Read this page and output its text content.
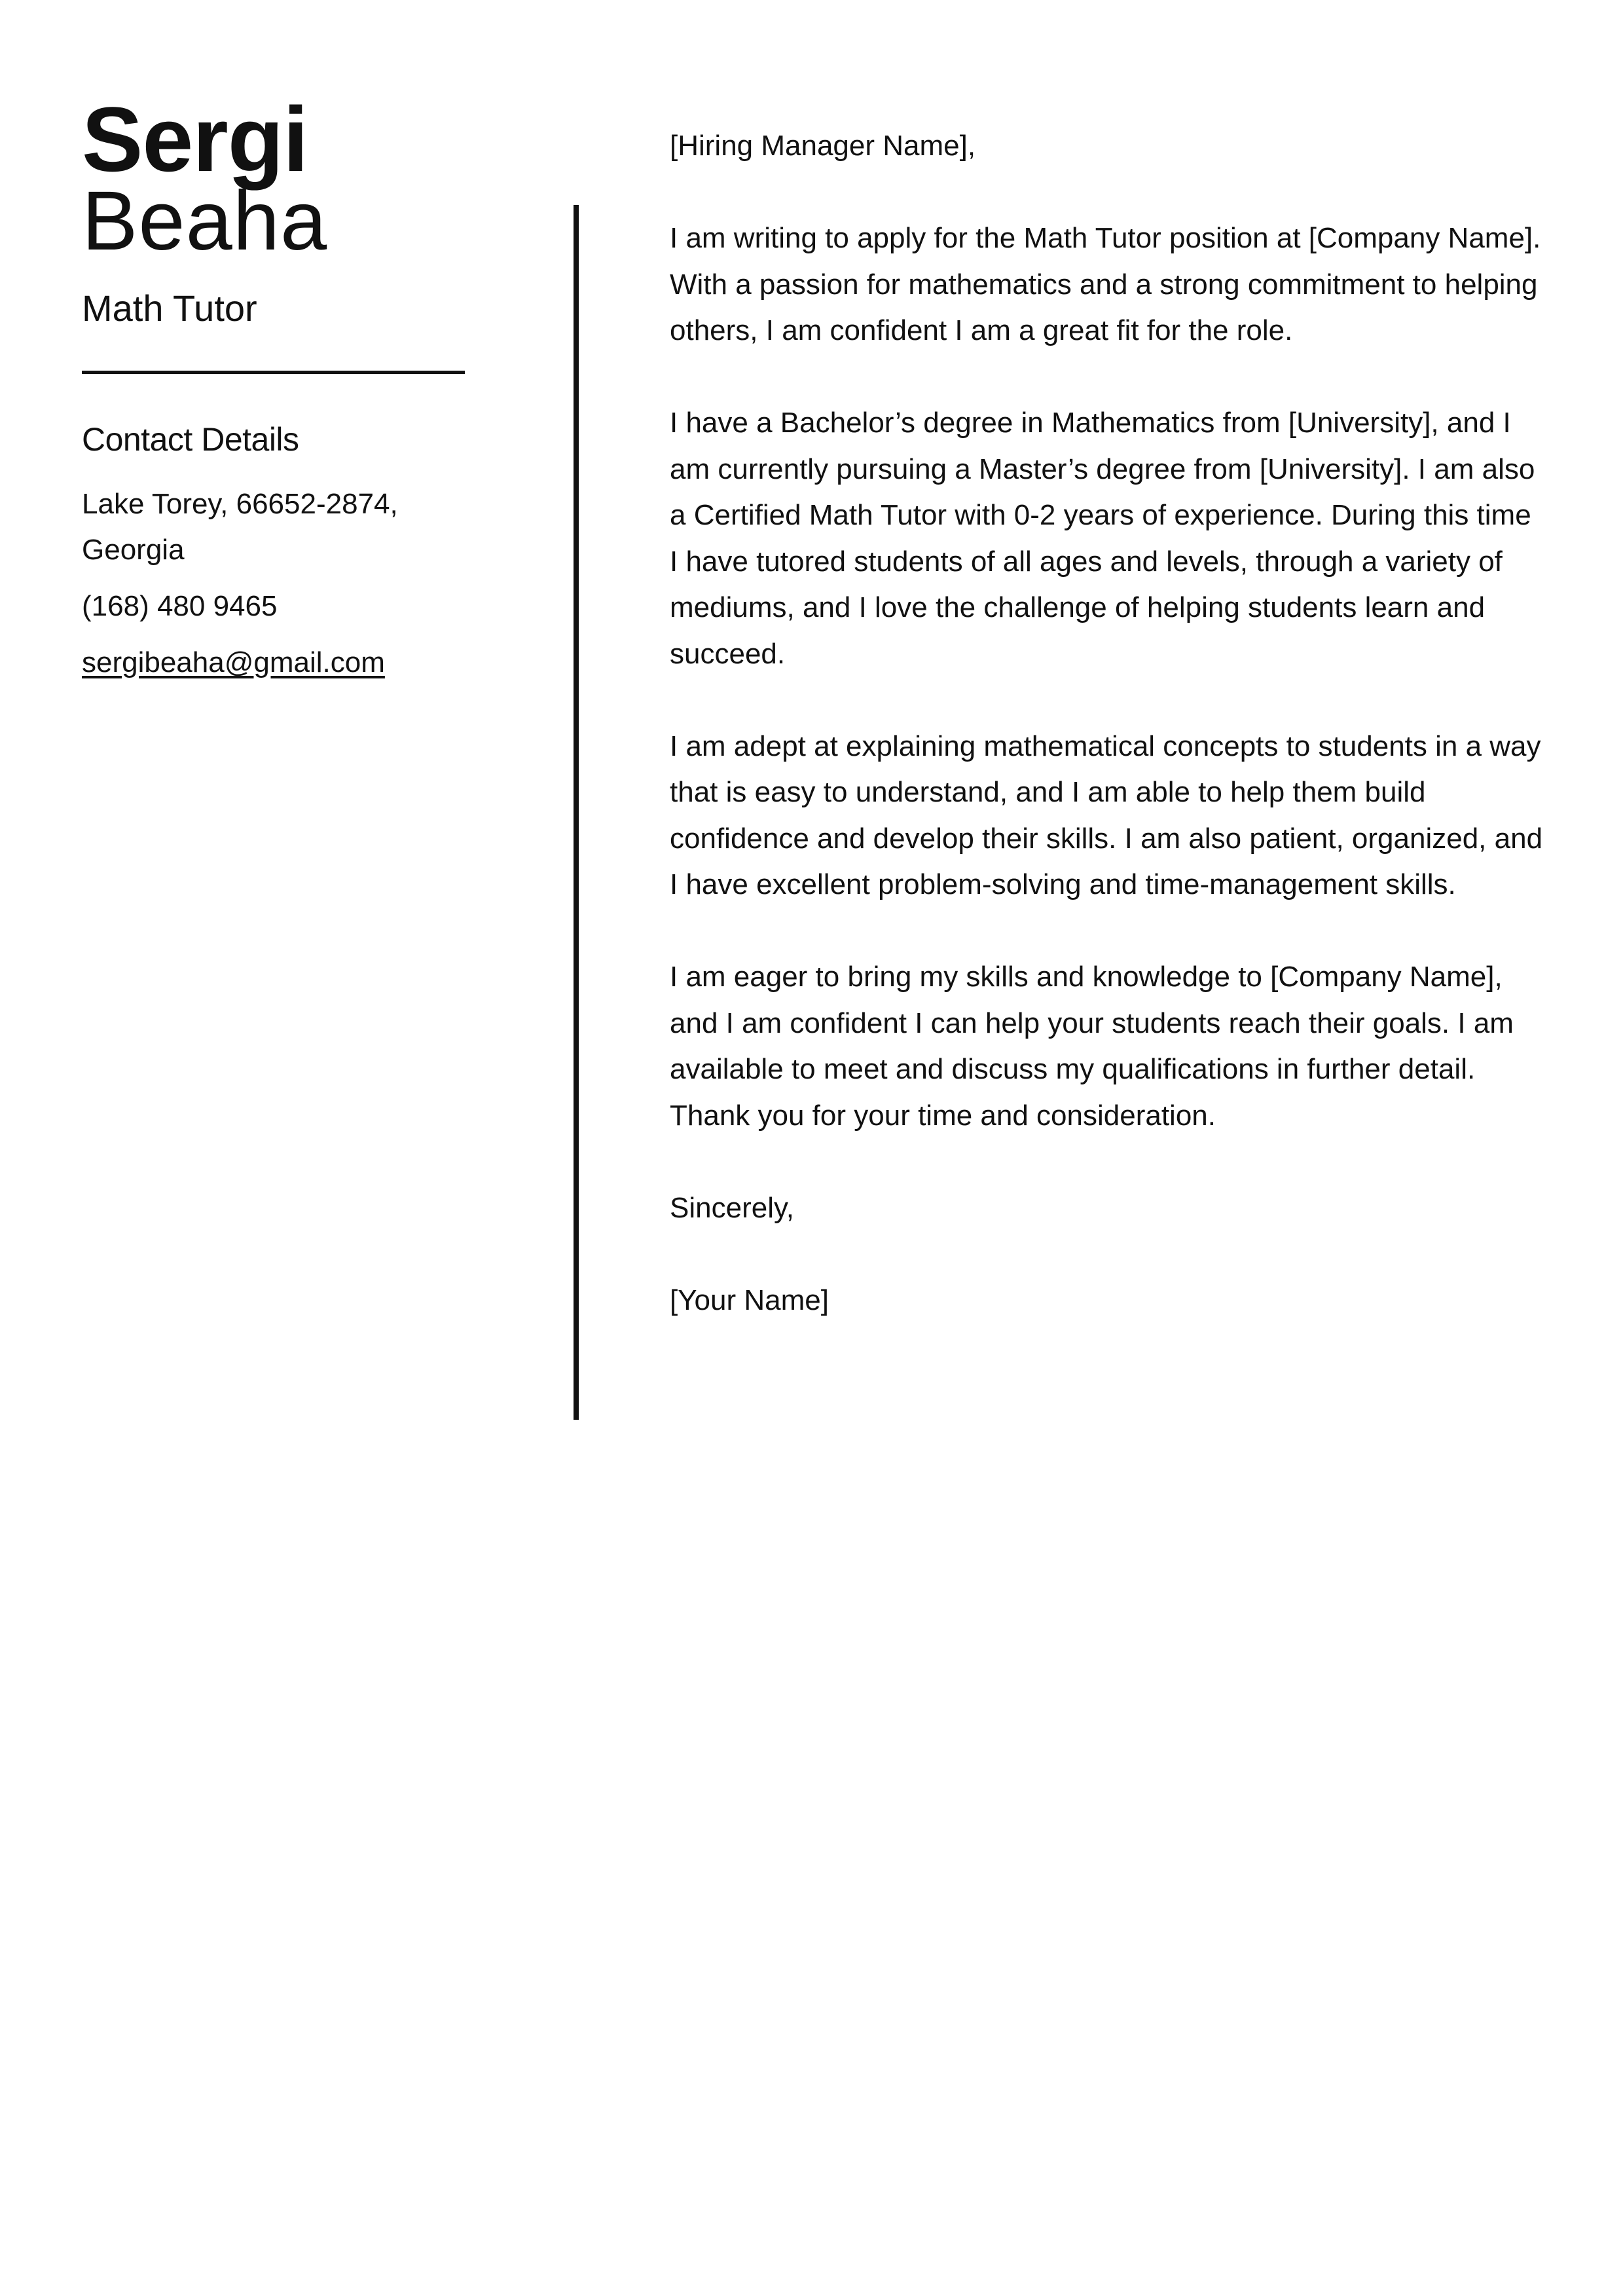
Sergi
Beaha
Math Tutor
Contact Details
Lake Torey, 66652-2874, Georgia
(168) 480 9465
sergibeaha@gmail.com

[Hiring Manager Name],

I am writing to apply for the Math Tutor position at [Company Name]. With a passion for mathematics and a strong commitment to helping others, I am confident I am a great fit for the role.

I have a Bachelor’s degree in Mathematics from [University], and I am currently pursuing a Master’s degree from [University]. I am also a Certified Math Tutor with 0-2 years of experience. During this time I have tutored students of all ages and levels, through a variety of mediums, and I love the challenge of helping students learn and succeed.

I am adept at explaining mathematical concepts to students in a way that is easy to understand, and I am able to help them build confidence and develop their skills. I am also patient, organized, and I have excellent problem-solving and time-management skills.

I am eager to bring my skills and knowledge to [Company Name], and I am confident I can help your students reach their goals. I am available to meet and discuss my qualifications in further detail. Thank you for your time and consideration.

Sincerely,

[Your Name]
